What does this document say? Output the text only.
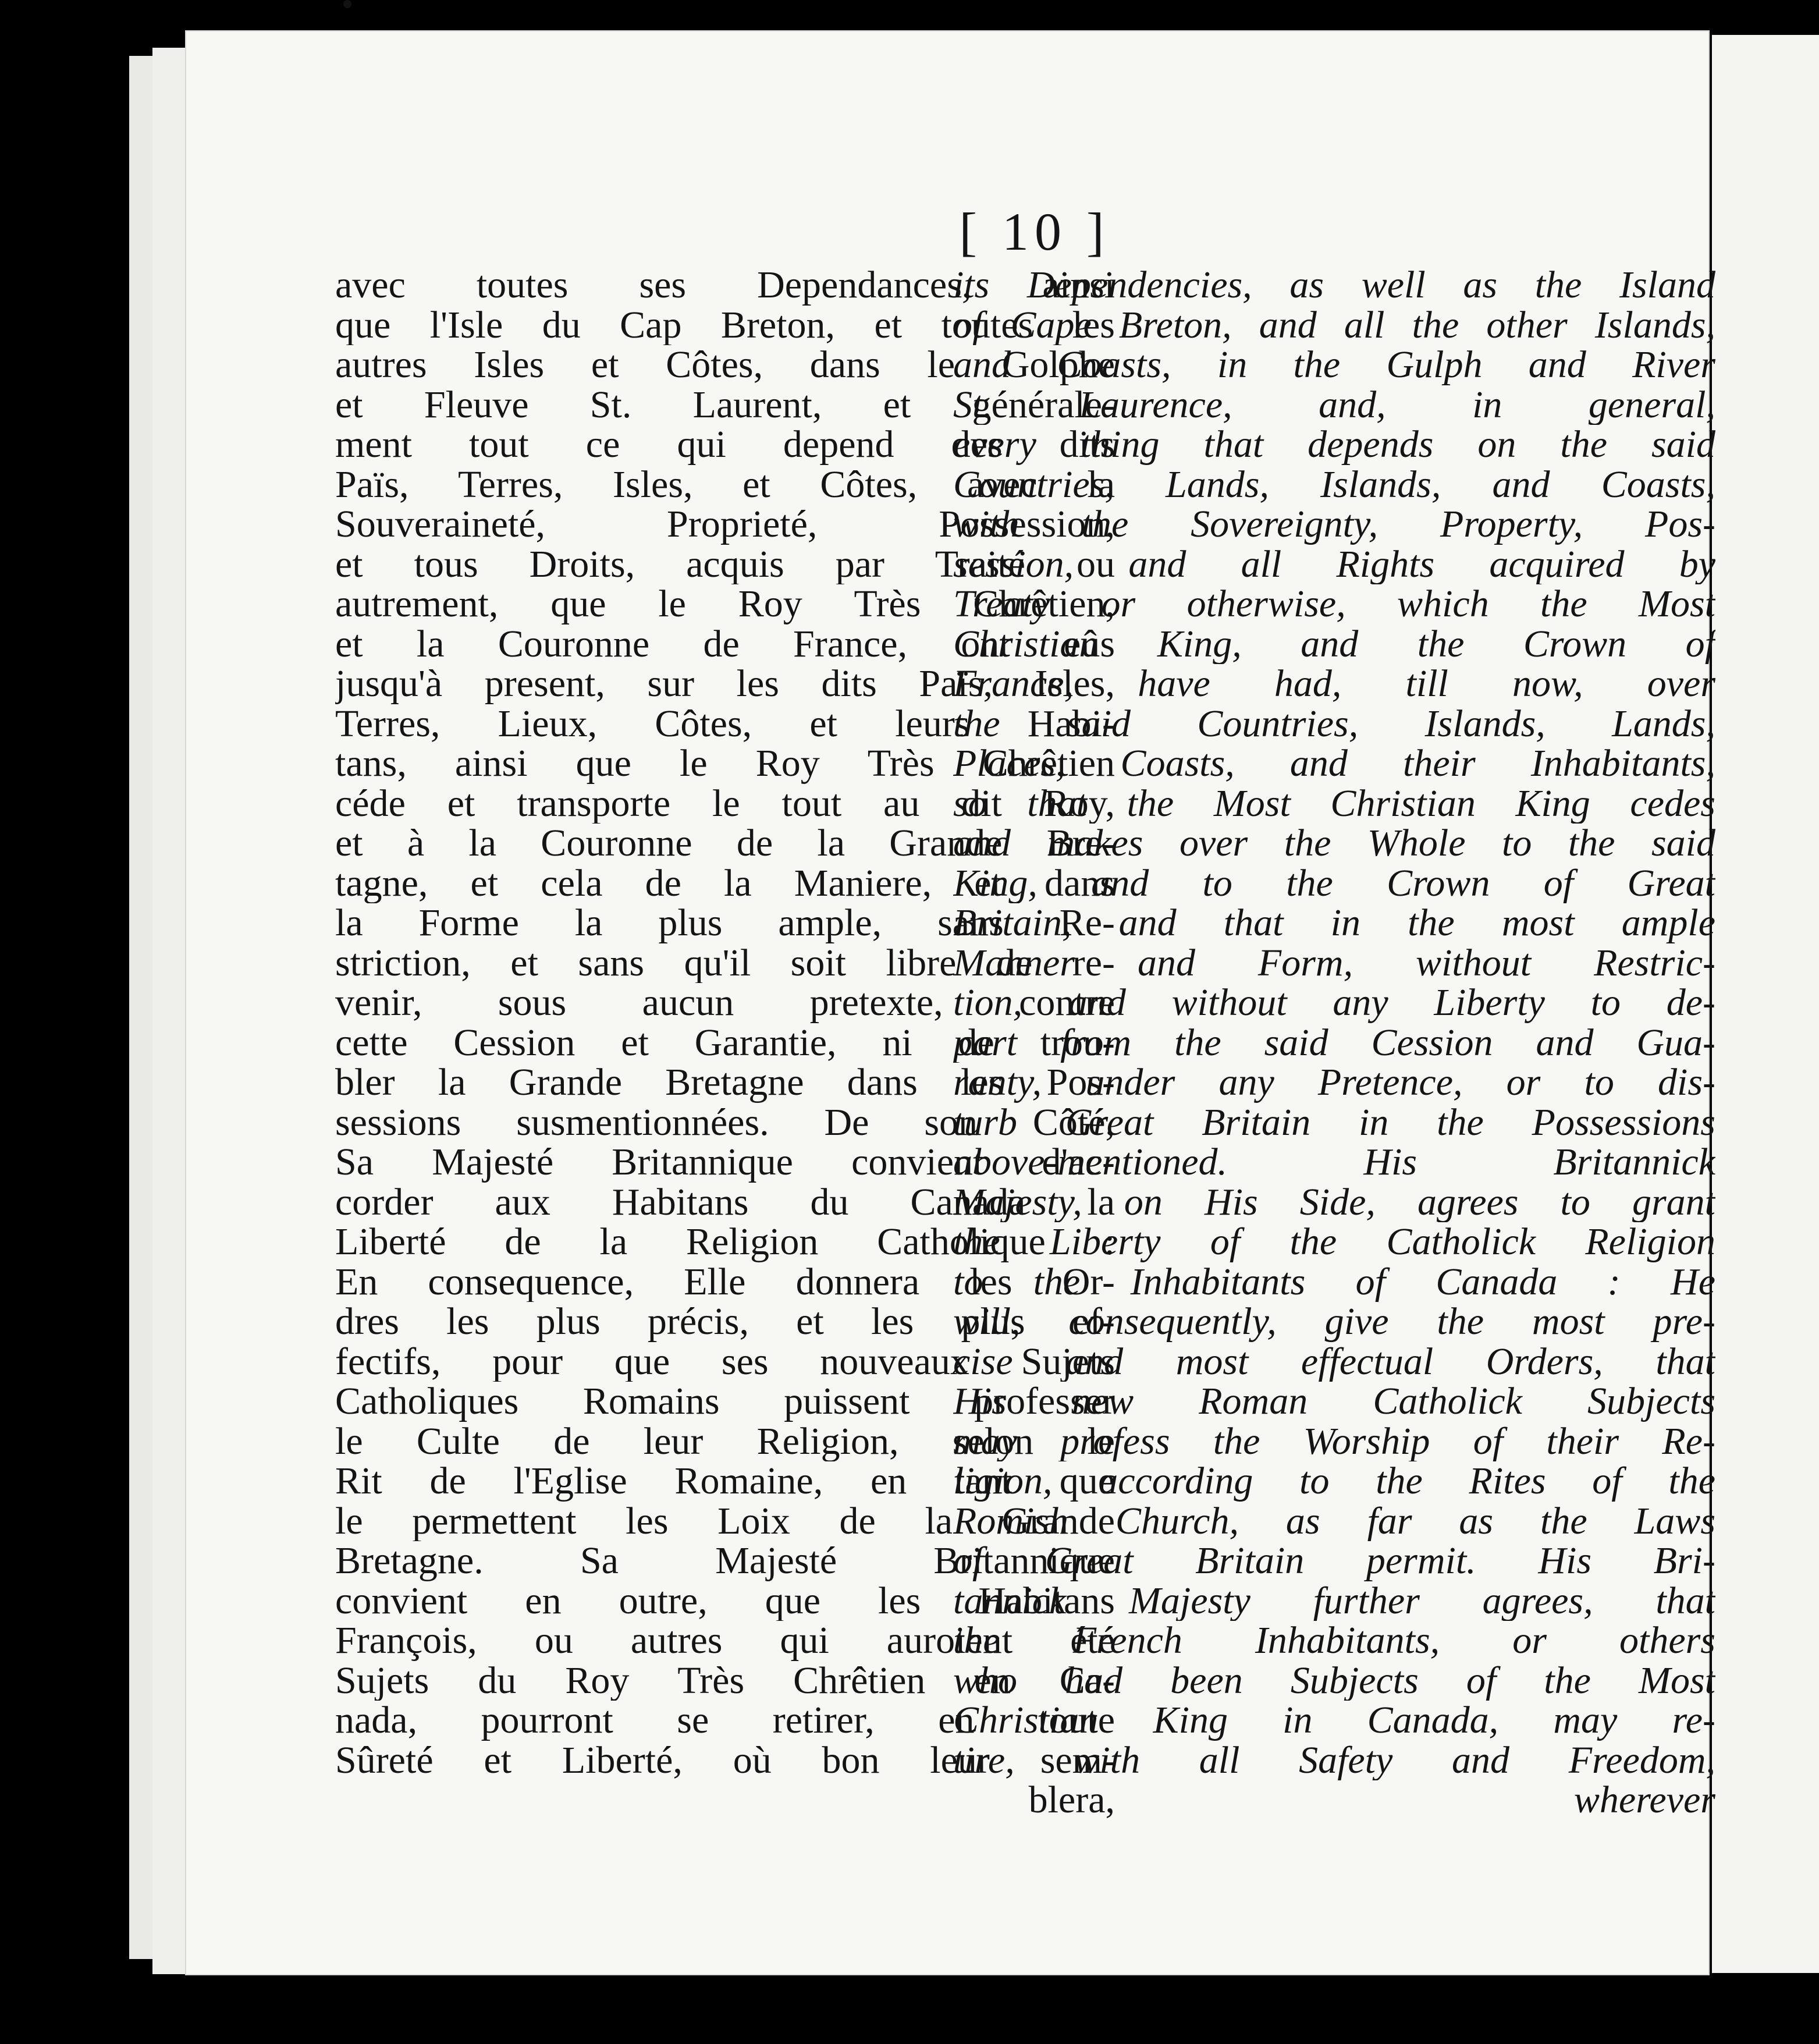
[ 10 ]
avec toutes ses Dependances, ainsi
que l'Isle du Cap Breton, et toutes les
autres Isles et Côtes, dans le Golphe
et Fleuve St. Laurent, et générale-
ment tout ce qui depend des dits
Païs, Terres, Isles, et Côtes, avec la
Souveraineté, Proprieté, Possession,
et tous Droits, acquis par Traité ou
autrement, que le Roy Très Chrêtien,
et la Couronne de France, ont eûs
jusqu'à present, sur les dits Païs, Isles,
Terres, Lieux, Côtes, et leurs Habi-
tans, ainsi que le Roy Très Chrêtien
céde et transporte le tout au dit Roy,
et à la Couronne de la Grande Bre-
tagne, et cela de la Maniere, et dans
la Forme la plus ample, sans Re-
striction, et sans qu'il soit libre de re-
venir, sous aucun pretexte, contre
cette Cession et Garantie, ni de trou-
bler la Grande Bretagne dans les Pos-
sessions susmentionnées. De son Côté,
Sa Majesté Britannique convient d'ac-
corder aux Habitans du Canada la
Liberté de la Religion Catholique :
En consequence, Elle donnera les Or-
dres les plus précis, et les plus ef-
fectifs, pour que ses nouveaux Sujets
Catholiques Romains puissent professer
le Culte de leur Religion, selon le
Rit de l'Eglise Romaine, en tant que
le permettent les Loix de la Grande
Bretagne. Sa Majesté Britannique
convient en outre, que les Habitans
François, ou autres qui auroient été
Sujets du Roy Très Chrêtien en Ca-
nada, pourront se retirer, en toute
Sûreté et Liberté, où bon leur sem-
blera,
its Dependencies, as well as the Island
of Cape Breton, and all the other Islands,
and Coasts, in the Gulph and River
St. Laurence, and, in general,
every thing that depends on the said
Countries, Lands, Islands, and Coasts,
with the Sovereignty, Property, Pos-
session, and all Rights acquired by
Treaty or otherwise, which the Most
Christian King, and the Crown of
France, have had, till now, over
the said Countries, Islands, Lands,
Places, Coasts, and their Inhabitants,
so that the Most Christian King cedes
and makes over the Whole to the said
King, and to the Crown of Great
Britain, and that in the most ample
Manner and Form, without Restric-
tion, and without any Liberty to de-
part from the said Cession and Gua-
ranty, under any Pretence, or to dis-
turb Great Britain in the Possessions
above-mentioned. His Britannick
Majesty, on His Side, agrees to grant
the Liberty of the Catholick Religion
to the Inhabitants of Canada : He
will, consequently, give the most pre-
cise and most effectual Orders, that
His new Roman Catholick Subjects
may profess the Worship of their Re-
ligion, according to the Rites of the
Romish Church, as far as the Laws
of Great Britain permit. His Bri-
tannick Majesty further agrees, that
the French Inhabitants, or others
who had been Subjects of the Most
Christian King in Canada, may re-
tire, with all Safety and Freedom,
wherever
